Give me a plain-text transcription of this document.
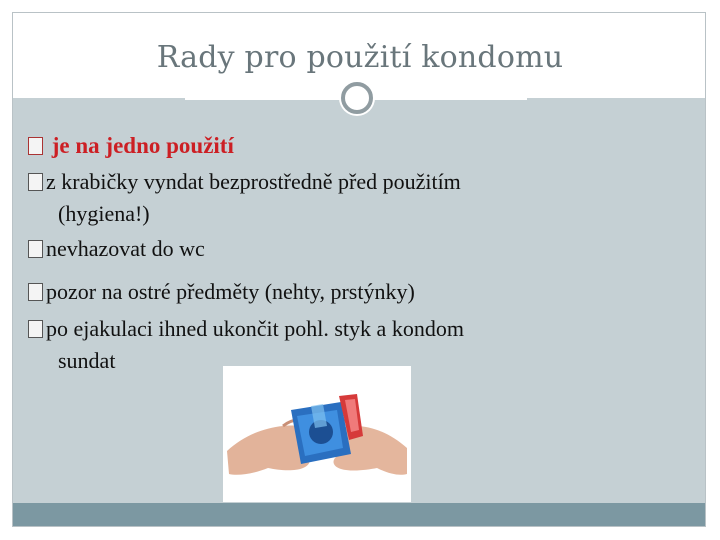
Rady pro použití kondomu
je na jedno použití
z krabičky vyndat bezprostředně před použitím
(hygiena!)
nevhazovat do wc
pozor na ostré předměty (nehty, prstýnky)
po ejakulaci ihned ukončit pohl. styk a kondom
sundat
